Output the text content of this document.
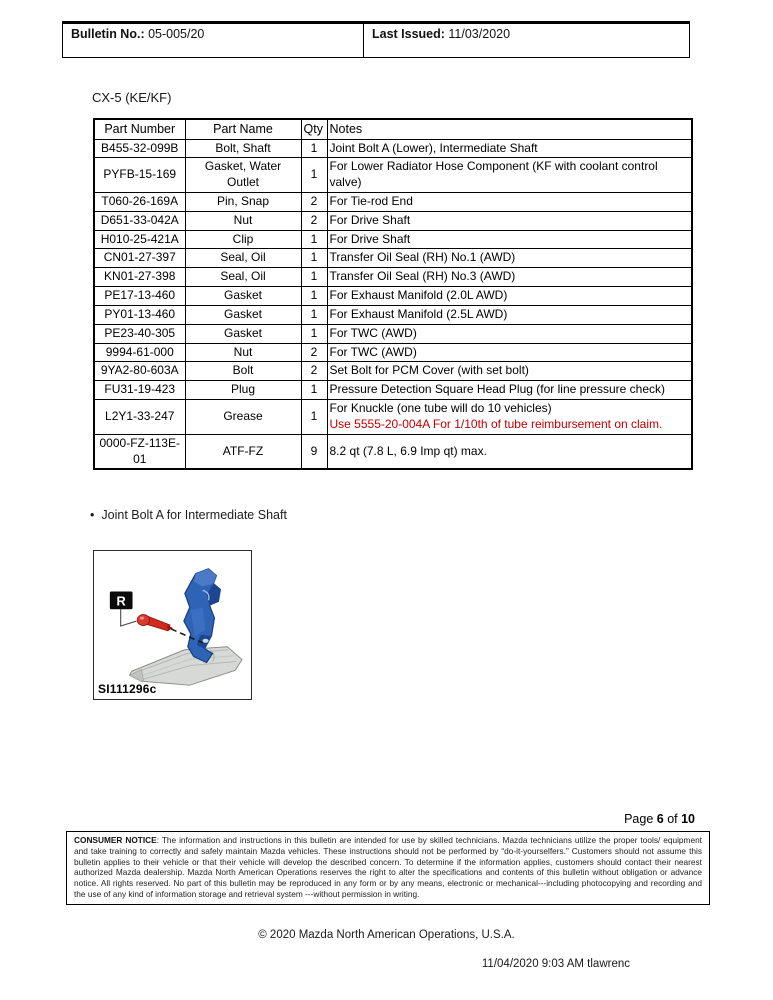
Bulletin No.: 05-005/20	Last Issued: 11/03/2020
CX-5 (KE/KF)
Part Number	Part Name	Qty	Notes
B455-32-099B	Bolt, Shaft	1	Joint Bolt A (Lower), Intermediate Shaft

PYFB-15-169	Gasket, Water Outlet	1	For Lower Radiator Hose Component (KF with coolant control valve)

T060-26-169A	Pin, Snap	2	For Tie-rod End

D651-33-042A	Nut	2	For Drive Shaft

H010-25-421A	Clip	1	For Drive Shaft

CN01-27-397	Seal, Oil	1	Transfer Oil Seal (RH) No.1 (AWD)

KN01-27-398	Seal, Oil	1	Transfer Oil Seal (RH) No.3 (AWD)

PE17-13-460	Gasket	1	For Exhaust Manifold (2.0L AWD)

PY01-13-460	Gasket	1	For Exhaust Manifold (2.5L AWD)

PE23-40-305	Gasket	1	For TWC (AWD)

9994-61-000	Nut	2	For TWC (AWD)

9YA2-80-603A	Bolt	2	Set Bolt for PCM Cover (with set bolt)

FU31-19-423	Plug	1	Pressure Detection Square Head Plug (for line pressure check)

L2Y1-33-247	Grease	1	For Knuckle (one tube will do 10 vehicles)
Use 5555-20-004A For 1/10th of tube reimbursement on claim.

0000-FZ-113E-01	ATF-FZ	9	8.2 qt (7.8 L, 6.9 Imp qt) max.
• Joint Bolt A for Intermediate Shaft
R
SI111296c
Page 6 of 10
CONSUMER NOTICE: The information and instructions in this bulletin are intended for use by skilled technicians. Mazda technicians utilize the proper tools/ equipment and take training to correctly and safely maintain Mazda vehicles. These instructions should not be performed by “do-it-yourselfers.” Customers should not assume this bulletin applies to their vehicle or that their vehicle will develop the described concern. To determine if the information applies, customers should contact their nearest authorized Mazda dealership. Mazda North American Operations reserves the right to alter the specifications and contents of this bulletin without obligation or advance notice. All rights reserved. No part of this bulletin may be reproduced in any form or by any means, electronic or mechanical---including photocopying and recording and the use of any kind of information storage and retrieval system ---without permission in writing.
© 2020 Mazda North American Operations, U.S.A.
11/04/2020 9:03 AM tlawrenc
